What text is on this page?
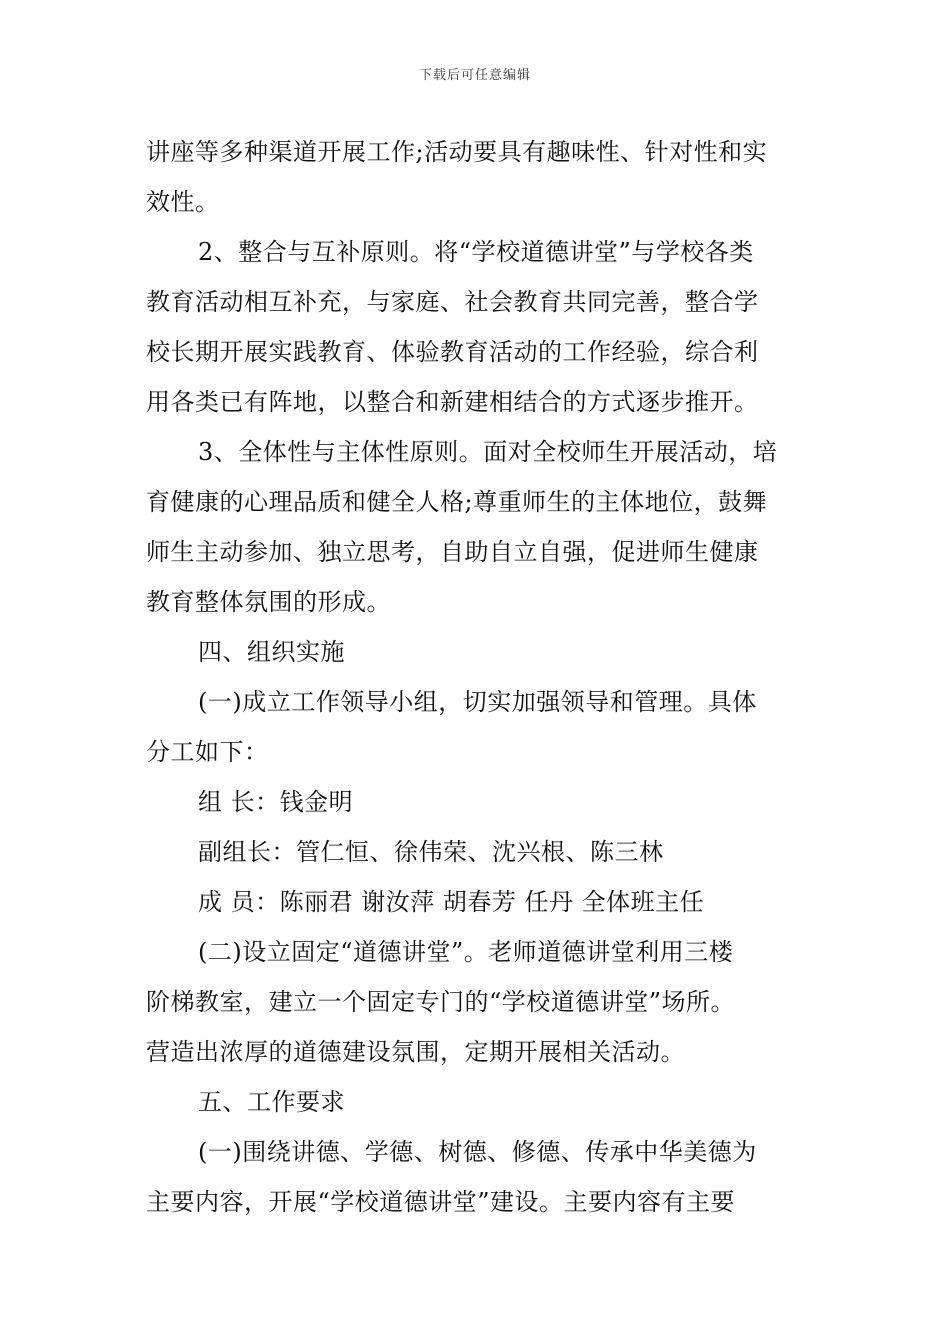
下载后可任意编辑
讲座等多种渠道开展工作;活动要具有趣味性、针对性和实
效性。
2、整合与互补原则。将“学校道德讲堂”与学校各类
教育活动相互补充，与家庭、社会教育共同完善，整合学
校长期开展实践教育、体验教育活动的工作经验，综合利
用各类已有阵地，以整合和新建相结合的方式逐步推开。
3、全体性与主体性原则。面对全校师生开展活动，培
育健康的心理品质和健全人格;尊重师生的主体地位，鼓舞
师生主动参加、独立思考，自助自立自强，促进师生健康
教育整体氛围的形成。
四、组织实施
(一)成立工作领导小组，切实加强领导和管理。具体
分工如下：
组 长：钱金明
副组长：管仁恒、徐伟荣、沈兴根、陈三林
成 员：陈丽君 谢汝萍 胡春芳 任丹 全体班主任
(二)设立固定“道德讲堂”。老师道德讲堂利用三楼
阶梯教室，建立一个固定专门的“学校道德讲堂”场所。
营造出浓厚的道德建设氛围，定期开展相关活动。
五、工作要求
(一)围绕讲德、学德、树德、修德、传承中华美德为
主要内容，开展“学校道德讲堂”建设。主要内容有主要
